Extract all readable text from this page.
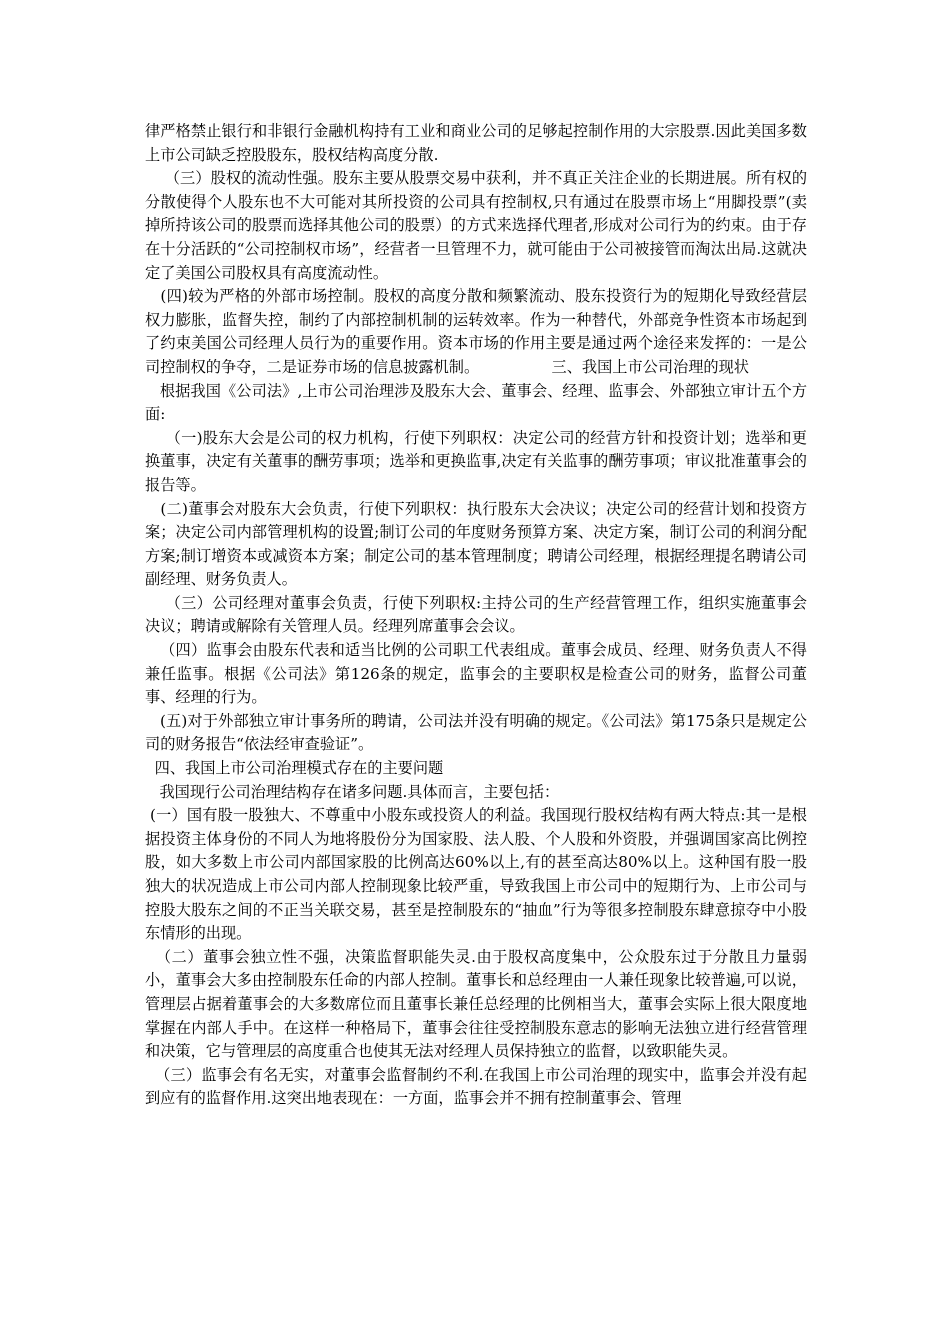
律严格禁止银行和非银行金融机构持有工业和商业公司的足够起控制作用的大宗股票.因此美国多数上市公司缺乏控股股东，股权结构高度分散.

（三）股权的流动性强。股东主要从股票交易中获利，并不真正关注企业的长期进展。所有权的分散使得个人股东也不大可能对其所投资的公司具有控制权,只有通过在股票市场上“用脚投票”(卖掉所持该公司的股票而选择其他公司的股票）的方式来选择代理者,形成对公司行为的约束。由于存在十分活跃的“公司控制权市场”，经营者一旦管理不力，就可能由于公司被接管而淘汰出局.这就决定了美国公司股权具有高度流动性。

(四)较为严格的外部市场控制。股权的高度分散和频繁流动、股东投资行为的短期化导致经营层权力膨胀，监督失控，制约了内部控制机制的运转效率。作为一种替代，外部竞争性资本市场起到了约束美国公司经理人员行为的重要作用。资本市场的作用主要是通过两个途径来发挥的：一是公司控制权的争夺，二是证券市场的信息披露机制。               三、我国上市公司治理的现状

根据我国《公司法》,上市公司治理涉及股东大会、董事会、经理、监事会、外部独立审计五个方面:

（一)股东大会是公司的权力机构，行使下列职权：决定公司的经营方针和投资计划；选举和更换董事，决定有关董事的酬劳事项；选举和更换监事,决定有关监事的酬劳事项；审议批准董事会的报告等。

(二)董事会对股东大会负责，行使下列职权：执行股东大会决议；决定公司的经营计划和投资方案；决定公司内部管理机构的设置;制订公司的年度财务预算方案、决定方案，制订公司的利润分配方案;制订增资本或减资本方案；制定公司的基本管理制度；聘请公司经理，根据经理提名聘请公司副经理、财务负责人。

（三）公司经理对董事会负责，行使下列职权:主持公司的生产经营管理工作，组织实施董事会决议；聘请或解除有关管理人员。经理列席董事会会议。

（四）监事会由股东代表和适当比例的公司职工代表组成。董事会成员、经理、财务负责人不得兼任监事。根据《公司法》第126条的规定，监事会的主要职权是检查公司的财务，监督公司董事、经理的行为。

(五)对于外部独立审计事务所的聘请，公司法并没有明确的规定。《公司法》第175条只是规定公司的财务报告“依法经审查验证”。

四、我国上市公司治理模式存在的主要问题

我国现行公司治理结构存在诸多问题.具体而言，主要包括：

(一）国有股一股独大、不尊重中小股东或投资人的利益。我国现行股权结构有两大特点:其一是根据投资主体身份的不同人为地将股份分为国家股、法人股、个人股和外资股，并强调国家高比例控股，如大多数上市公司内部国家股的比例高达60%以上,有的甚至高达80%以上。这种国有股一股独大的状况造成上市公司内部人控制现象比较严重，导致我国上市公司中的短期行为、上市公司与控股大股东之间的不正当关联交易，甚至是控制股东的“抽血”行为等很多控制股东肆意掠夺中小股东情形的出现。

（二）董事会独立性不强，决策监督职能失灵.由于股权高度集中，公众股东过于分散且力量弱小，董事会大多由控制股东任命的内部人控制。董事长和总经理由一人兼任现象比较普遍,可以说，管理层占据着董事会的大多数席位而且董事长兼任总经理的比例相当大，董事会实际上很大限度地掌握在内部人手中。在这样一种格局下，董事会往往受控制股东意志的影响无法独立进行经营管理和决策，它与管理层的高度重合也使其无法对经理人员保持独立的监督，以致职能失灵。

（三）监事会有名无实，对董事会监督制约不利.在我国上市公司治理的现实中，监事会并没有起到应有的监督作用.这突出地表现在：一方面，监事会并不拥有控制董事会、管理
